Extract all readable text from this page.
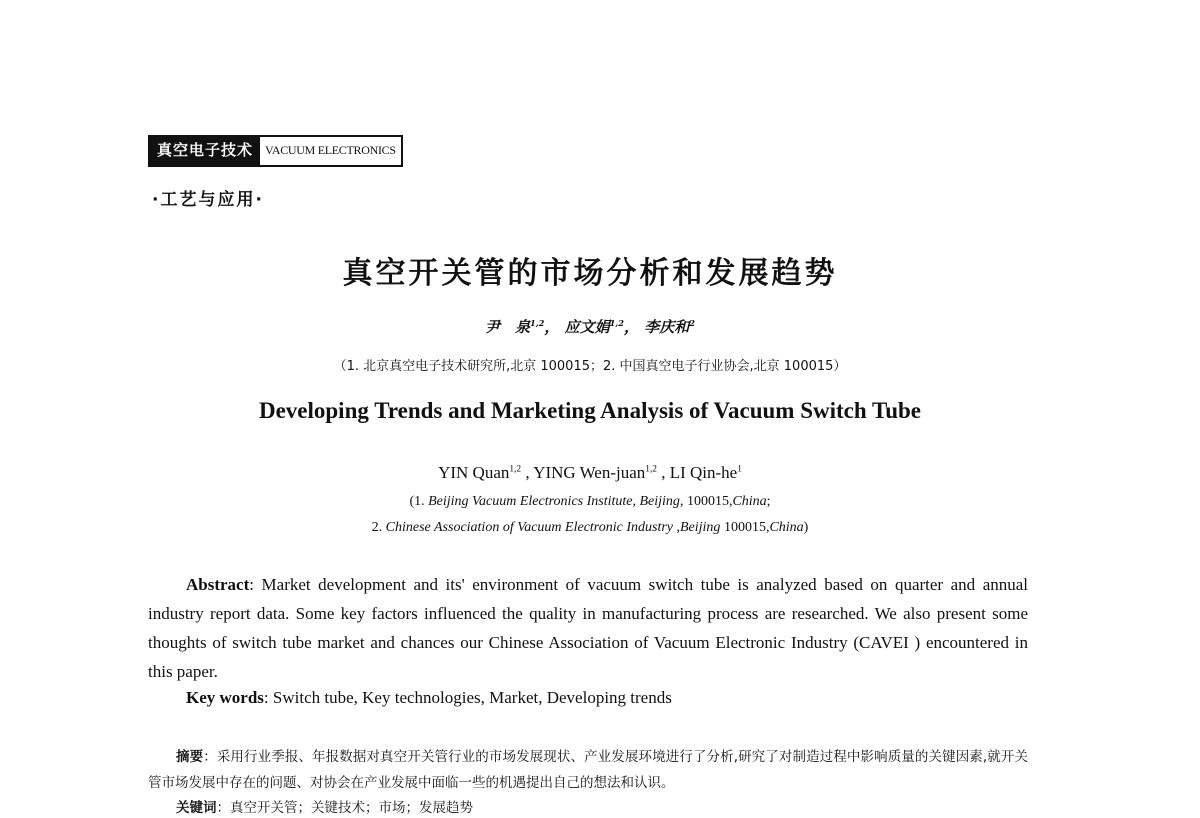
真空电子技术	VACUUM ELECTRONICS
·工艺与应用·
真空开关管的市场分析和发展趋势
尹　泉$^{1,2}$， 应文娟$^{1,2}$， 李庆和$^2$
（1. 北京真空电子技术研究所,北京 100015；2. 中国真空电子行业协会,北京 100015）
Developing Trends and Marketing Analysis of Vacuum Switch Tube
YIN Quan$^{1,2}$ , YING Wen-juan$^{1,2}$ , LI Qin-$he^1$
(1. Beijing Vacuum Electronics Institute, Beijing, 100015,China;
2. Chinese Association of Vacuum Electronic Industry ,Beijing 100015,China)
Abstract: Market development and its' environment of vacuum switch tube is analyzed based on quarter and annual industry report data. Some key factors influenced the quality in manufacturing process are researched. We also present some thoughts of switch tube market and chances our Chinese Association of Vacuum Electronic Industry (CAVEI ) encountered in this paper.
Key words: Switch tube, Key technologies, Market, Developing trends
摘要：采用行业季报、年报数据对真空开关管行业的市场发展现状、产业发展环境进行了分析,研究了对制造过程中影响质量的关键因素,就开关管市场发展中存在的问题、对协会在产业发展中面临一些的机遇提出自己的想法和认识。
关键词：真空开关管；关键技术；市场；发展趋势
